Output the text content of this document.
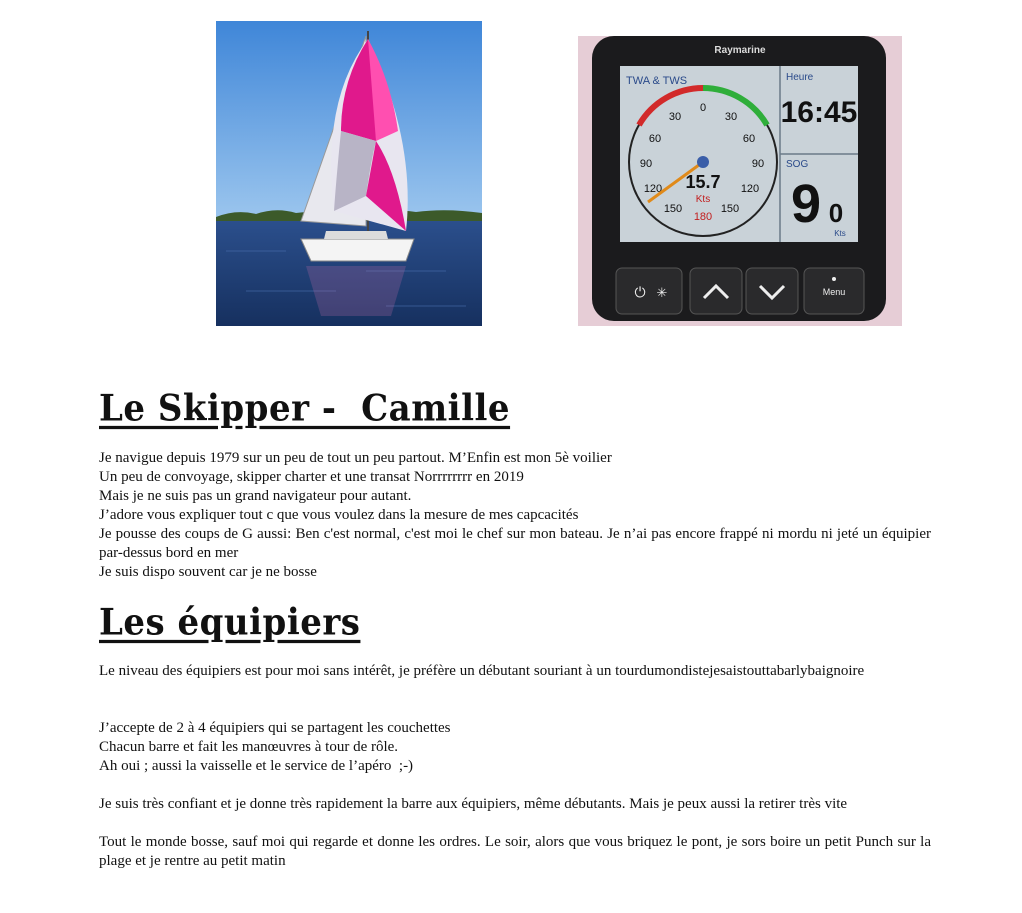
Raymarine
TWA & TWS
0
30	30
60	60
90	90
120	120
150	150
180
15.7
Kts
Heure
16:45
SOG
9 0
Kts
⏻ ✳	Menu
Le Skipper -  Camille

Je navigue depuis 1979 sur un peu de tout un peu partout. M’Enfin est mon 5è voilier

Un peu de convoyage, skipper charter et une transat Norrrrrrrr en 2019

Mais je ne suis pas un grand navigateur pour autant.

J’adore vous expliquer tout c que vous voulez dans la mesure de mes capcacités

Je pousse des coups de G aussi: Ben c'est normal, c'est moi le chef sur mon bateau. Je n’ai pas encore frappé ni mordu ni jeté un équipier par-dessus bord en mer

Je suis dispo souvent car je ne bosse

Les équipiers

Le niveau des équipiers est pour moi sans intérêt, je préfère un débutant souriant à un tourdumondistejesaistouttabarlybaignoire

J’accepte de 2 à 4 équipiers qui se partagent les couchettes

Chacun barre et fait les manœuvres à tour de rôle.

Ah oui ; aussi la vaisselle et le service de l’apéro  ;-)

Je suis très confiant et je donne très rapidement la barre aux équipiers, même débutants. Mais je peux aussi la retirer très vite

Tout le monde bosse, sauf moi qui regarde et donne les ordres. Le soir, alors que vous briquez le pont, je sors boire un petit Punch sur la plage et je rentre au petit matin
